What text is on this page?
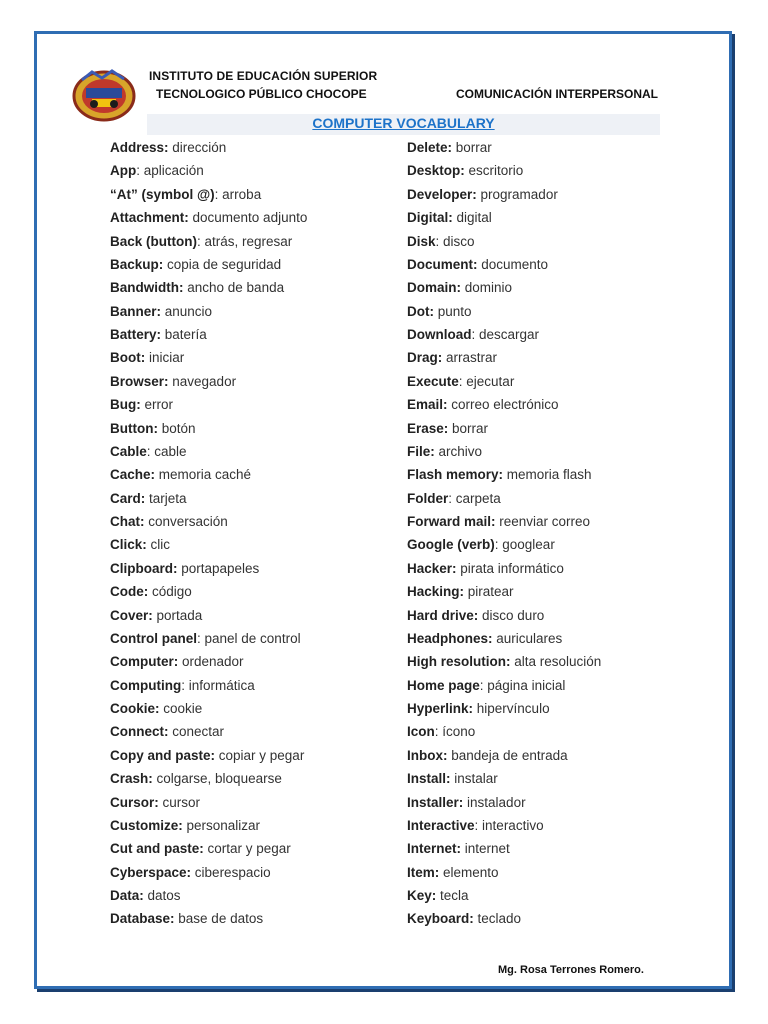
INSTITUTO DE EDUCACIÓN SUPERIOR
TECNOLOGICO PÚBLICO CHOCOPE	COMUNICACIÓN INTERPERSONAL
COMPUTER VOCABULARY
Address: dirección
App: aplicación
“At” (symbol @): arroba
Attachment: documento adjunto
Back (button): atrás, regresar
Backup: copia de seguridad
Bandwidth: ancho de banda
Banner: anuncio
Battery: batería
Boot: iniciar
Browser: navegador
Bug: error
Button: botón
Cable: cable
Cache: memoria caché
Card: tarjeta
Chat: conversación
Click: clic
Clipboard: portapapeles
Code: código
Cover: portada
Control panel: panel de control
Computer: ordenador
Computing: informática
Cookie: cookie
Connect: conectar
Copy and paste: copiar y pegar
Crash: colgarse, bloquearse
Cursor: cursor
Customize: personalizar
Cut and paste: cortar y pegar
Cyberspace: ciberespacio
Data: datos
Database: base de datos
Delete: borrar
Desktop: escritorio
Developer: programador
Digital: digital
Disk: disco
Document: documento
Domain: dominio
Dot: punto
Download: descargar
Drag: arrastrar
Execute: ejecutar
Email: correo electrónico
Erase: borrar
File: archivo
Flash memory: memoria flash
Folder: carpeta
Forward mail: reenviar correo
Google (verb): googlear
Hacker: pirata informático
Hacking: piratear
Hard drive: disco duro
Headphones: auriculares
High resolution: alta resolución
Home page: página inicial
Hyperlink: hipervínculo
Icon: ícono
Inbox: bandeja de entrada
Install: instalar
Installer: instalador
Interactive: interactivo
Internet: internet
Item: elemento
Key: tecla
Keyboard: teclado
Mg. Rosa Terrones Romero.
